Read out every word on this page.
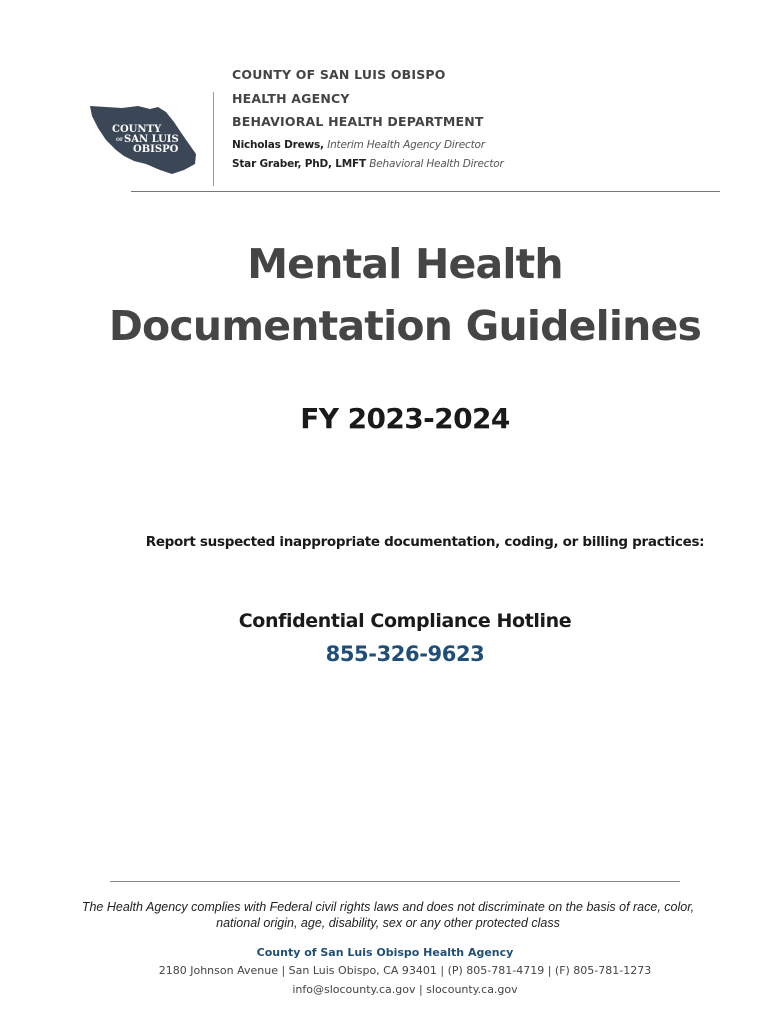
COUNTY
OF SAN LUIS
OBISPO
COUNTY OF SAN LUIS OBISPO
HEALTH AGENCY
BEHAVIORAL HEALTH DEPARTMENT
Nicholas Drews, Interim Health Agency Director
Star Graber, PhD, LMFT Behavioral Health Director
Mental Health
Documentation Guidelines
FY 2023-2024
Report suspected inappropriate documentation, coding, or billing practices:
Confidential Compliance Hotline
855-326-9623
The Health Agency complies with Federal civil rights laws and does not discriminate on the basis of race, color, national origin, age, disability, sex or any other protected class
County of San Luis Obispo Health Agency
2180 Johnson Avenue | San Luis Obispo, CA 93401 | (P) 805-781-4719 | (F) 805-781-1273
info@slocounty.ca.gov | slocounty.ca.gov
